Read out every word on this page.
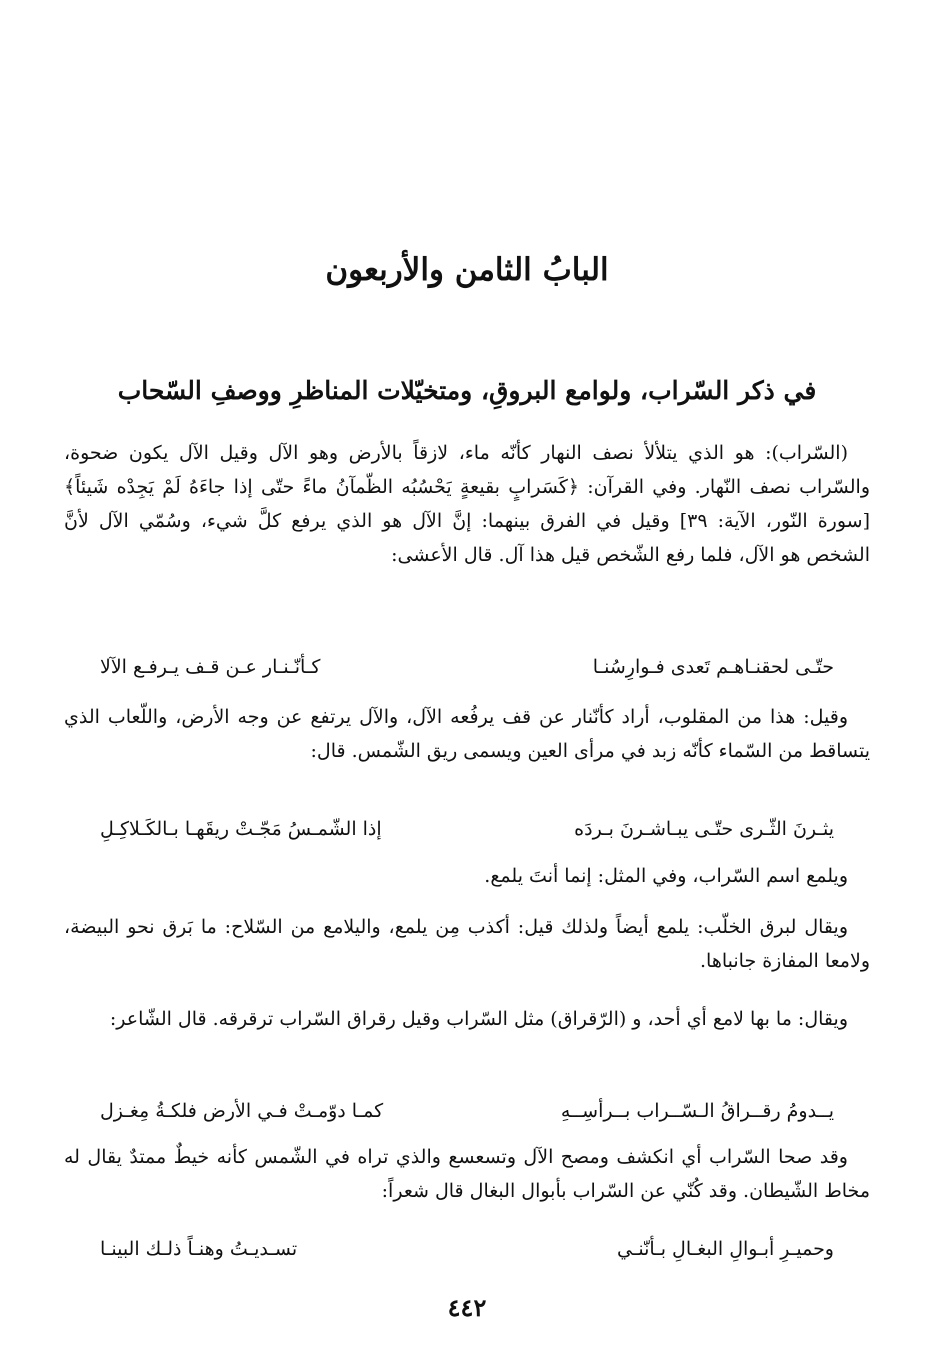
البابُ الثامن والأربعون
في ذكر السّراب، ولوامع البروقِ، ومتخيّلات المناظرِ ووصفِ السّحاب

(السّراب): هو الذي يتلألأ نصف النهار كأنّه ماء، لازقاً بالأرض وهو الآل وقيل الآل يكون ضحوة، والسّراب نصف النّهار. وفي القرآن: ﴿كَسَرابٍ بقيعةٍ يَحْسُبُه الظّمآنُ ماءً حتّى إذا جاءَهُ لَمْ يَجِدْه شَيئاً﴾ [سورة النّور، الآية: ٣٩] وقيل في الفرق بينهما: إنَّ الآل هو الذي يرفع كلَّ شيء، وسُمّي الآل لأنَّ الشخص هو الآل، فلما رفع الشّخص قيل هذا آل. قال الأعشى:

حتّـى لحقنـاهـم تَعدى فـوارِسُنـا
كـأنّـنـار عـن قـف يـرفـع الآلا

وقيل: هذا من المقلوب، أراد كأنّنار عن قف يرفُعه الآل، والآل يرتفع عن وجه الأرض، واللّعاب الذي يتساقط من السّماء كأنّه زبد في مرأى العين ويسمى ريق الشّمس. قال:

يثـرنَ الثّـرى حتّـى يبـاشـرنَ بـردَه
إذا الشّمـسُ مَجّـتْ ريقَهـا بـالكَـلاكِـلِ

ويلمع اسم السّراب، وفي المثل: إنما أنتَ يلمع.

ويقال لبرق الخلّب: يلمع أيضاً ولذلك قيل: أكذب مِن يلمع، واليلامع من السّلاح: ما بَرق نحو البيضة، ولامعا المفازة جانباها.

ويقال: ما بها لامع أي أحد، و (الرّقراق) مثل السّراب وقيل رقراق السّراب ترقرقه. قال الشّاعر:

يــدومُ رقــراقُ الـسّــراب بــرأسِــهِ
كمـا دوّمـتْ فـي الأرض فلكـةُ مِغـزل

وقد صحا السّراب أي انكشف ومصح الآل وتسعسع والذي تراه في الشّمس كأنه خيطٌ ممتدٌ يقال له مخاط الشّيطان. وقد كُنّي عن السّراب بأبوال البغال قال شعراً:

وحميـرِ أبـوالِ البغـالِ بـأنّنـي
تسـديـتُ وهنـاً ذلـك البينـا
٤٤٢
